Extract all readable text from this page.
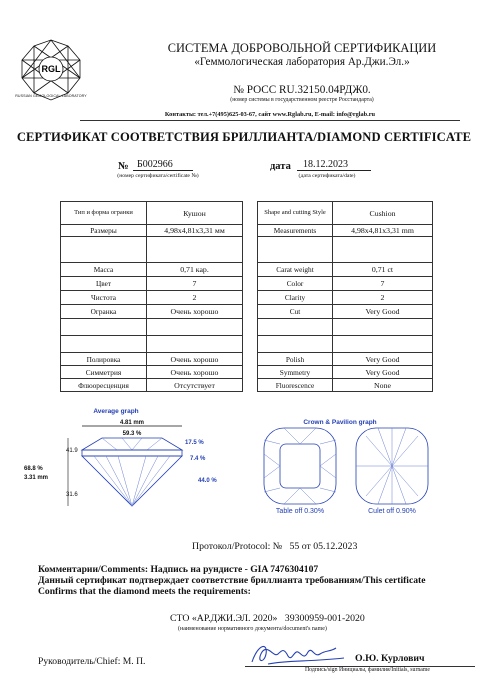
RGL
RUSSIAN GEMOLOGICAL LABORATORY
СИСТЕМА ДОБРОВОЛЬНОЙ СЕРТИФИКАЦИИ
«Геммологическая лаборатория Ар.Джи.Эл.»
№ РОСС RU.32150.04РДЖ0.
(номер системы в государственном реестре Росстандарта)
Контакты: тел.+7(495)625-03-67, сайт www.Rglab.ru, E-mail: info@rglab.ru
СЕРТИФИКАТ СООТВЕТСТВИЯ БРИЛЛИАНТА/DIAMOND CERTIFICATE
№ Б002966
(номер сертификата/certificate №)
дата	18.12.2023
(дата сертификата/date)
Тип и форма огранки	Кушон
Размеры	4,98х4,81х3,31 мм

Масса	0,71 кар.
Цвет	7
Чистота	2
Огранка	Очень хорошо

Полировка	Очень хорошо
Симметрия	Очень хорошо
Флюоресценция	Отсутствует
Shape and cutting Style	Cushion
Measurements	4,98х4,81х3,31 mm

Carat weight	0,71 ct
Color	7
Clarity	2
Cut	Very Good

Polish	Very Good
Symmetry	Very Good
Fluorescence	None
Average graph
4.81 mm
59.3 %
41.9
17.5 %
7.4 %
68.8 %
3.31 mm
31.6
44.0 %
Crown & Pavilion graph
Table off 0.30%	Culet off 0.90%
Протокол/Protocol: № 55 от 05.12.2023
Комментарии/Comments: Надпись на рундисте - GIA 7476304107
Данный сертификат подтверждает соответствие бриллианта требованиям/This certificate
Confirms that the diamond meets the requirements:
СТО «АР.ДЖИ.ЭЛ. 2020» 39300959-001-2020
(наименование нормативного документа/document's name)
Руководитель/Chief: М. П.	О.Ю. Курлович
Подпись/sign Инициалы, фамилия/Initials, surname
